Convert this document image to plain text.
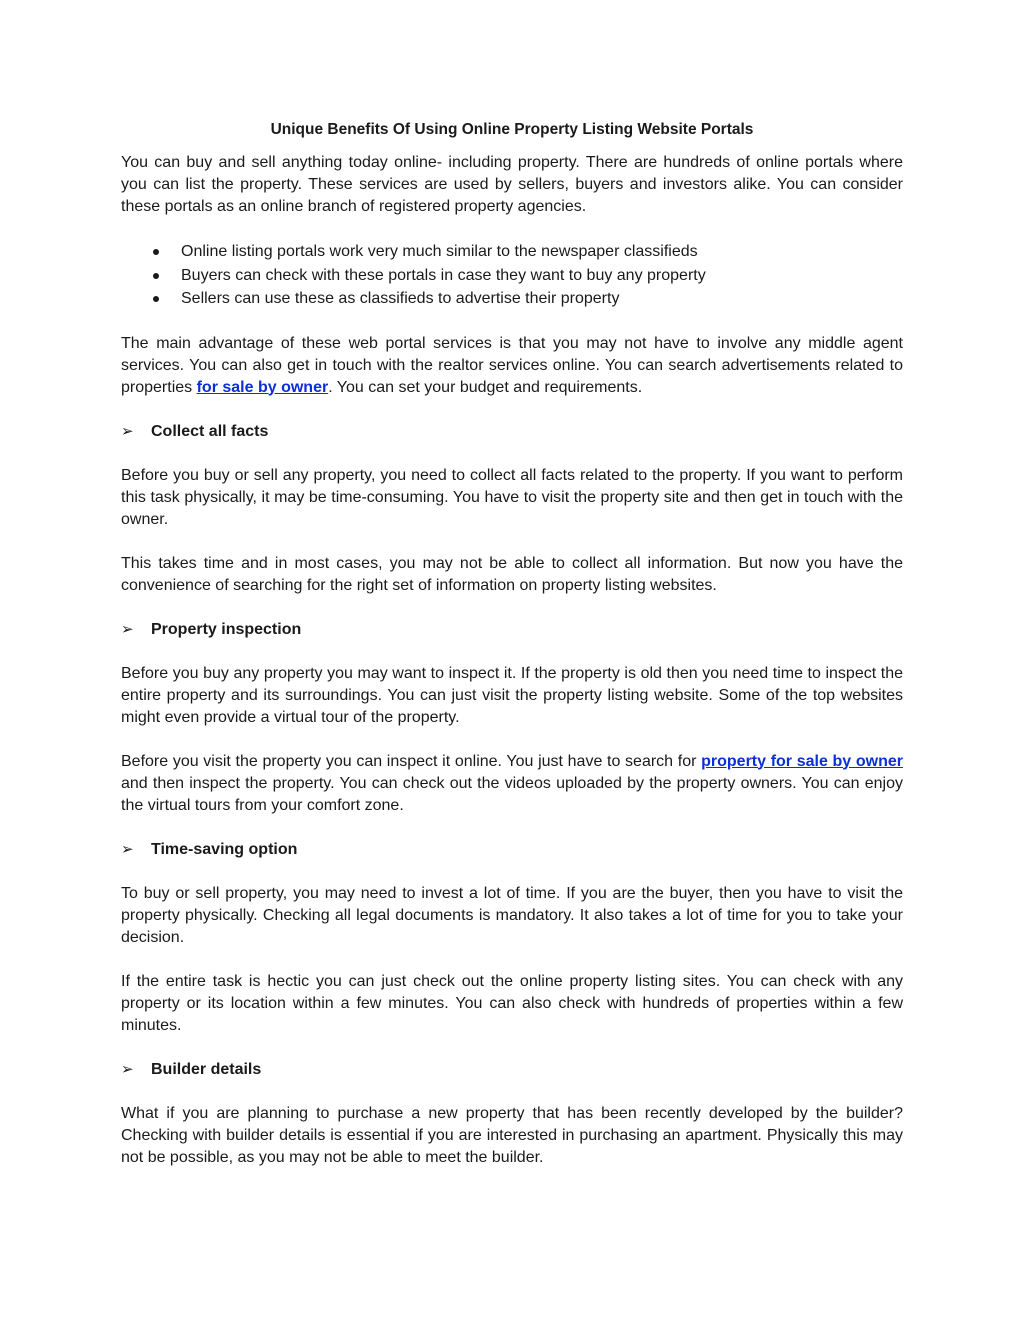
Unique Benefits Of Using Online Property Listing Website Portals

You can buy and sell anything today online- including property. There are hundreds of online portals where you can list the property. These services are used by sellers, buyers and investors alike. You can consider these portals as an online branch of registered property agencies.

Online listing portals work very much similar to the newspaper classifieds
Buyers can check with these portals in case they want to buy any property
Sellers can use these as classifieds to advertise their property

The main advantage of these web portal services is that you may not have to involve any middle agent services. You can also get in touch with the realtor services online. You can search advertisements related to properties for sale by owner. You can set your budget and requirements.

➢ Collect all facts

Before you buy or sell any property, you need to collect all facts related to the property. If you want to perform this task physically, it may be time-consuming. You have to visit the property site and then get in touch with the owner.

This takes time and in most cases, you may not be able to collect all information. But now you have the convenience of searching for the right set of information on property listing websites.

➢ Property inspection

Before you buy any property you may want to inspect it. If the property is old then you need time to inspect the entire property and its surroundings. You can just visit the property listing website. Some of the top websites might even provide a virtual tour of the property.

Before you visit the property you can inspect it online. You just have to search for property for sale by owner and then inspect the property. You can check out the videos uploaded by the property owners. You can enjoy the virtual tours from your comfort zone.

➢ Time-saving option

To buy or sell property, you may need to invest a lot of time. If you are the buyer, then you have to visit the property physically. Checking all legal documents is mandatory. It also takes a lot of time for you to take your decision.

If the entire task is hectic you can just check out the online property listing sites. You can check with any property or its location within a few minutes. You can also check with hundreds of properties within a few minutes.

➢ Builder details

What if you are planning to purchase a new property that has been recently developed by the builder? Checking with builder details is essential if you are interested in purchasing an apartment. Physically this may not be possible, as you may not be able to meet the builder.
